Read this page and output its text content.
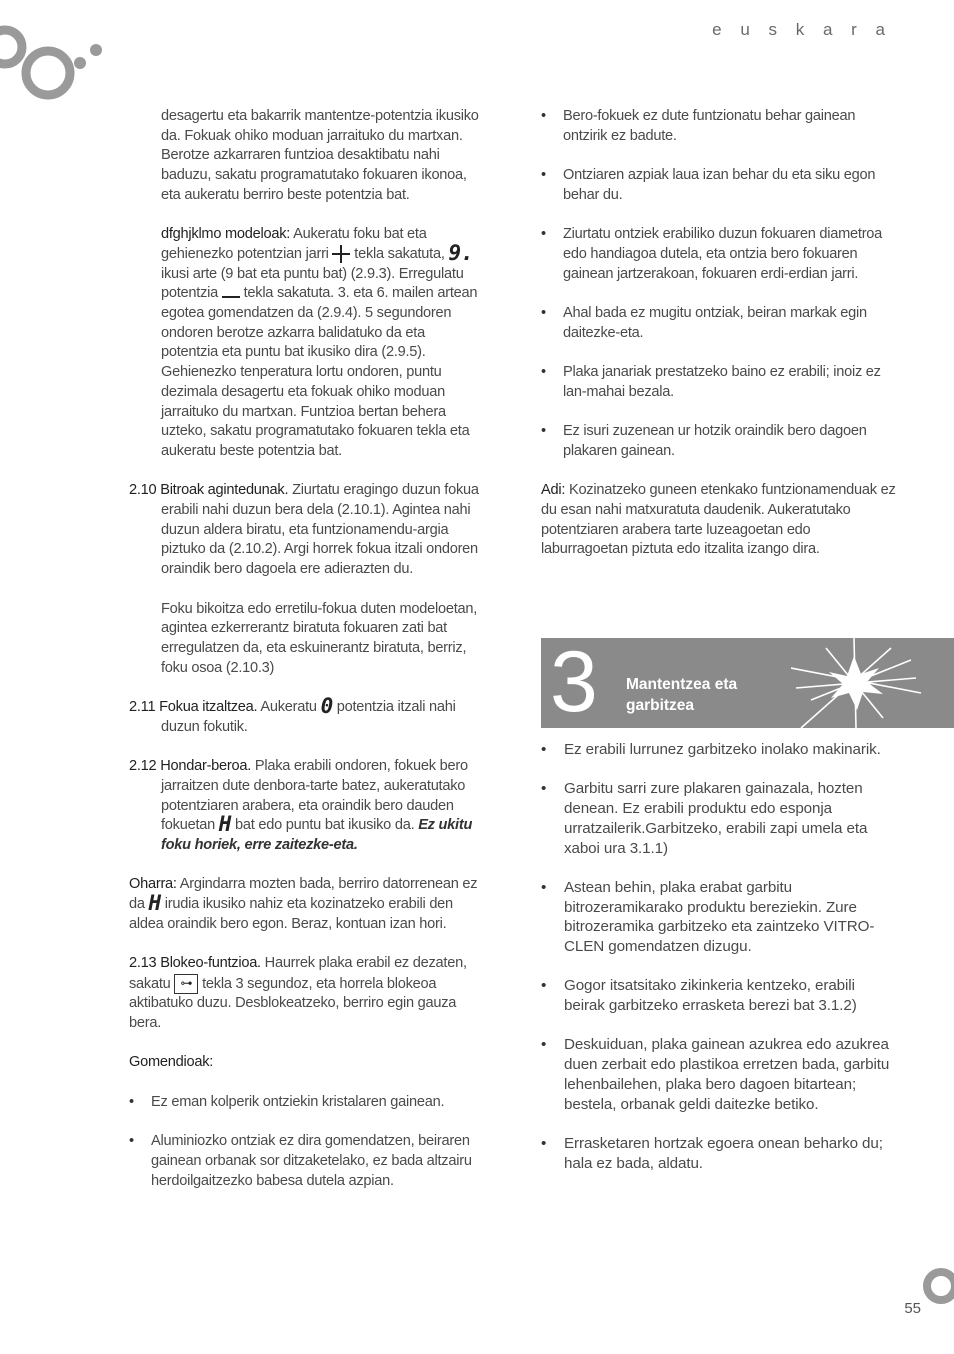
e u s k a r a

desagertu eta bakarrik mantentze-potentzia ikusiko da. Fokuak ohiko moduan jarraituko du martxan. Berotze azkarraren funtzioa desaktibatu nahi baduzu, sakatu programatutako fokuaren ikonoa, eta aukeratu berriro beste potentzia bat.

dfghjklmo modeloak: Aukeratu foku bat eta gehienezko potentzian jarri  tekla sakatuta, 9. ikusi arte (9 bat eta puntu bat) (2.9.3). Erregulatu potentzia  tekla sakatuta. 3. eta 6. mailen artean egotea gomendatzen da (2.9.4). 5 segundoren ondoren berotze azkarra balidatuko da eta potentzia eta puntu bat ikusiko dira (2.9.5). Gehienezko tenperatura lortu ondoren, puntu dezimala desagertu eta fokuak ohiko moduan jarraituko du martxan. Funtzioa bertan behera uzteko, sakatu programatutako fokuaren tekla eta aukeratu beste potentzia bat.

2.10 Bitroak agintedunak. Ziurtatu eragingo duzun fokua erabili nahi duzun bera dela (2.10.1). Agintea nahi duzun aldera biratu, eta funtzionamendu-argia piztuko da (2.10.2). Argi horrek fokua itzali ondoren oraindik bero dagoela ere adierazten du.

Foku bikoitza edo erretilu-fokua duten modeloetan, agintea ezkerrerantz biratuta fokuaren zati bat erregulatzen da, eta eskuinerantz biratuta, berriz, foku osoa (2.10.3)

2.11 Fokua itzaltzea. Aukeratu 0 potentzia itzali nahi duzun fokutik.

2.12 Hondar-beroa. Plaka erabili ondoren, fokuek bero jarraitzen dute denbora-tarte batez, aukeratutako potentziaren arabera, eta oraindik bero dauden fokuetan H bat edo puntu bat ikusiko da. Ez ukitu foku horiek, erre zaitezke-eta.

Oharra: Argindarra mozten bada, berriro datorrenean ez da H irudia ikusiko nahiz eta kozinatzeko erabili den aldea oraindik bero egon. Beraz, kontuan izan hori.

2.13 Blokeo-funtzioa. Haurrek plaka erabil ez dezaten, sakatu ⊶ tekla 3 segundoz, eta horrela blokeoa aktibatuko duzu. Desblokeatzeko, berriro egin gauza bera.

Gomendioak:

• Ez eman kolperik ontziekin kristalaren gainean.
• Aluminiozko ontziak ez dira gomendatzen, beiraren gainean orbanak sor ditzaketelako, ez bada altzairu herdoilgaitzezko babesa dutela azpian.
• Bero-fokuek ez dute funtzionatu behar gainean ontzirik ez badute.
• Ontziaren azpiak laua izan behar du eta siku egon behar du.
• Ziurtatu ontziek erabiliko duzun fokuaren diametroa edo handiagoa dutela, eta ontzia bero fokuaren gainean jartzerakoan, fokuaren erdi-erdian jarri.
• Ahal bada ez mugitu ontziak, beiran markak egin daitezke-eta.
• Plaka janariak prestatzeko baino ez erabili; inoiz ez lan-mahai bezala.
• Ez isuri zuzenean ur hotzik oraindik bero dagoen plakaren gainean.

Adi: Kozinatzeko guneen etenkako funtzionamenduak ez du esan nahi matxuratuta daudenik. Aukeratutako potentziaren arabera tarte luzeagoetan edo laburragoetan piztuta edo itzalita izango dira.

3 Mantentzea eta
garbitzea
• Ez erabili lurrunez garbitzeko inolako makinarik.
• Garbitu sarri zure plakaren gainazala, hozten denean. Ez erabili produktu edo esponja urratzailerik.Garbitzeko, erabili zapi umela eta xaboi ura 3.1.1)
• Astean behin, plaka erabat garbitu bitrozeramikarako produktu bereziekin. Zure bitrozeramika garbitzeko eta zaintzeko VITRO-CLEN gomendatzen dizugu.
• Gogor itsatsitako zikinkeria kentzeko, erabili beirak garbitzeko errasketa berezi bat 3.1.2)
• Deskuiduan, plaka gainean azukrea edo azukrea duen zerbait edo plastikoa erretzen bada, garbitu lehenbailehen, plaka bero dagoen bitartean; bestela, orbanak geldi daitezke betiko.
• Errasketaren hortzak egoera onean beharko du; hala ez bada, aldatu.
55
